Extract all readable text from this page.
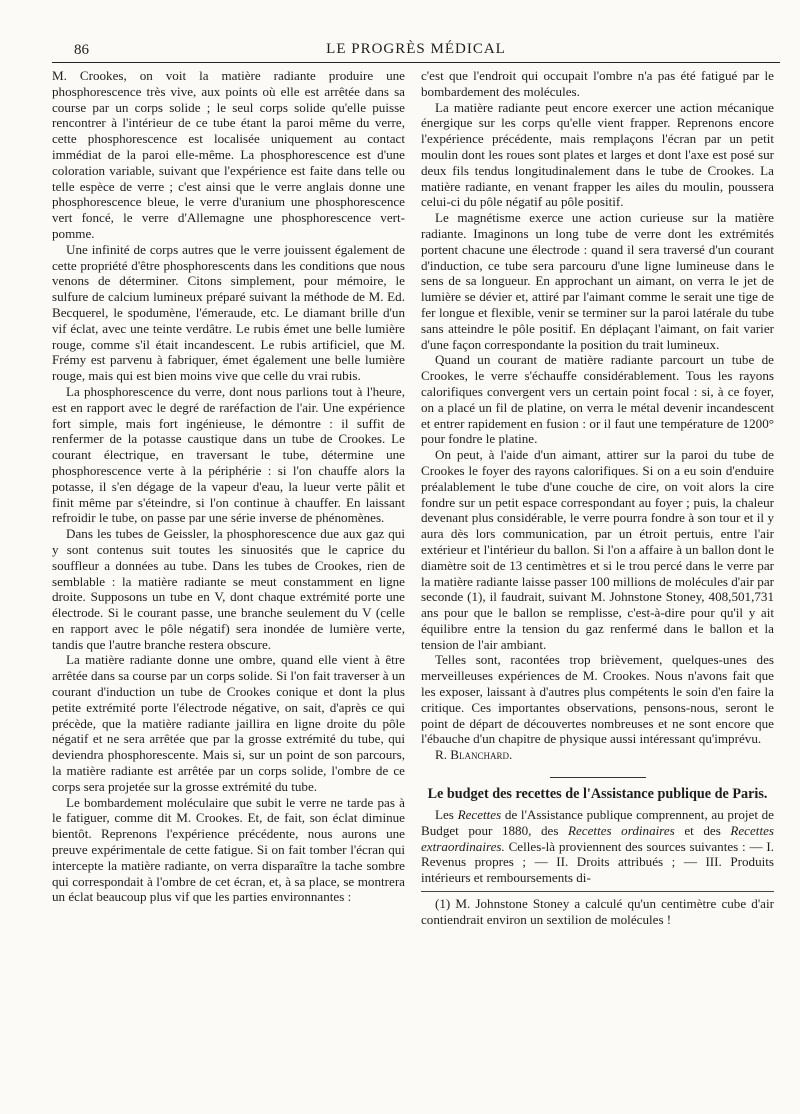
86	LE PROGRÈS MÉDICAL

M. Crookes, on voit la matière radiante produire une phosphorescence très vive, aux points où elle est arrêtée dans sa course par un corps solide ; le seul corps solide qu'elle puisse rencontrer à l'intérieur de ce tube étant la paroi même du verre, cette phosphorescence est localisée uniquement au contact immédiat de la paroi elle-même. La phosphorescence est d'une coloration variable, suivant que l'expérience est faite dans telle ou telle espèce de verre ; c'est ainsi que le verre anglais donne une phosphorescence bleue, le verre d'uranium une phosphorescence vert foncé, le verre d'Allemagne une phosphorescence vert-pomme.

Une infinité de corps autres que le verre jouissent également de cette propriété d'être phosphorescents dans les conditions que nous venons de déterminer. Citons simplement, pour mémoire, le sulfure de calcium lumineux préparé suivant la méthode de M. Ed. Becquerel, le spodumène, l'émeraude, etc. Le diamant brille d'un vif éclat, avec une teinte verdâtre. Le rubis émet une belle lumière rouge, comme s'il était incandescent. Le rubis artificiel, que M. Frémy est parvenu à fabriquer, émet également une belle lumière rouge, mais qui est bien moins vive que celle du vrai rubis.

La phosphorescence du verre, dont nous parlions tout à l'heure, est en rapport avec le degré de raréfaction de l'air. Une expérience fort simple, mais fort ingénieuse, le démontre : il suffit de renfermer de la potasse caustique dans un tube de Crookes. Le courant électrique, en traversant le tube, détermine une phosphorescence verte à la périphérie : si l'on chauffe alors la potasse, il s'en dégage de la vapeur d'eau, la lueur verte pâlit et finit même par s'éteindre, si l'on continue à chauffer. En laissant refroidir le tube, on passe par une série inverse de phénomènes.

Dans les tubes de Geissler, la phosphorescence due aux gaz qui y sont contenus suit toutes les sinuosités que le caprice du souffleur a données au tube. Dans les tubes de Crookes, rien de semblable : la matière radiante se meut constamment en ligne droite. Supposons un tube en V, dont chaque extrémité porte une électrode. Si le courant passe, une branche seulement du V (celle en rapport avec le pôle négatif) sera inondée de lumière verte, tandis que l'autre branche restera obscure.

La matière radiante donne une ombre, quand elle vient à être arrêtée dans sa course par un corps solide. Si l'on fait traverser à un courant d'induction un tube de Crookes conique et dont la plus petite extrémité porte l'électrode négative, on sait, d'après ce qui précède, que la matière radiante jaillira en ligne droite du pôle négatif et ne sera arrêtée que par la grosse extrémité du tube, qui deviendra phosphorescente. Mais si, sur un point de son parcours, la matière radiante est arrêtée par un corps solide, l'ombre de ce corps sera projetée sur la grosse extrémité du tube.

Le bombardement moléculaire que subit le verre ne tarde pas à le fatiguer, comme dit M. Crookes. Et, de fait, son éclat diminue bientôt. Reprenons l'expérience précédente, nous aurons une preuve expérimentale de cette fatigue. Si on fait tomber l'écran qui intercepte la matière radiante, on verra disparaître la tache sombre qui correspondait à l'ombre de cet écran, et, à sa place, se montrera un éclat beaucoup plus vif que les parties environnantes :

c'est que l'endroit qui occupait l'ombre n'a pas été fatigué par le bombardement des molécules.

La matière radiante peut encore exercer une action mécanique énergique sur les corps qu'elle vient frapper. Reprenons encore l'expérience précédente, mais remplaçons l'écran par un petit moulin dont les roues sont plates et larges et dont l'axe est posé sur deux fils tendus longitudinalement dans le tube de Crookes. La matière radiante, en venant frapper les ailes du moulin, poussera celui-ci du pôle négatif au pôle positif.

Le magnétisme exerce une action curieuse sur la matière radiante. Imaginons un long tube de verre dont les extrémités portent chacune une électrode : quand il sera traversé d'un courant d'induction, ce tube sera parcouru d'une ligne lumineuse dans le sens de sa longueur. En approchant un aimant, on verra le jet de lumière se dévier et, attiré par l'aimant comme le serait une tige de fer longue et flexible, venir se terminer sur la paroi latérale du tube sans atteindre le pôle positif. En déplaçant l'aimant, on fait varier d'une façon correspondante la position du trait lumineux.

Quand un courant de matière radiante parcourt un tube de Crookes, le verre s'échauffe considérablement. Tous les rayons calorifiques convergent vers un certain point focal : si, à ce foyer, on a placé un fil de platine, on verra le métal devenir incandescent et entrer rapidement en fusion : or il faut une température de 1200° pour fondre le platine.

On peut, à l'aide d'un aimant, attirer sur la paroi du tube de Crookes le foyer des rayons calorifiques. Si on a eu soin d'enduire préalablement le tube d'une couche de cire, on voit alors la cire fondre sur un petit espace correspondant au foyer ; puis, la chaleur devenant plus considérable, le verre pourra fondre à son tour et il y aura dès lors communication, par un étroit pertuis, entre l'air extérieur et l'intérieur du ballon. Si l'on a affaire à un ballon dont le diamètre soit de 13 centimètres et si le trou percé dans le verre par la matière radiante laisse passer 100 millions de molécules d'air par seconde (1), il faudrait, suivant M. Johnstone Stoney, 408,501,731 ans pour que le ballon se remplisse, c'est-à-dire pour qu'il y ait équilibre entre la tension du gaz renfermé dans le ballon et la tension de l'air ambiant.

Telles sont, racontées trop brièvement, quelques-unes des merveilleuses expériences de M. Crookes. Nous n'avons fait que les exposer, laissant à d'autres plus compétents le soin d'en faire la critique. Ces importantes observations, pensons-nous, seront le point de départ de découvertes nombreuses et ne sont encore que l'ébauche d'un chapitre de physique aussi intéressant qu'imprévu.

R. Blanchard.

Le budget des recettes de l'Assistance publique de Paris.

Les Recettes de l'Assistance publique comprennent, au projet de Budget pour 1880, des Recettes ordinaires et des Recettes extraordinaires. Celles-là proviennent des sources suivantes : — I. Revenus propres ; — II. Droits attribués ; — III. Produits intérieurs et remboursements di-

(1) M. Johnstone Stoney a calculé qu'un centimètre cube d'air contiendrait environ un sextilion de molécules !
